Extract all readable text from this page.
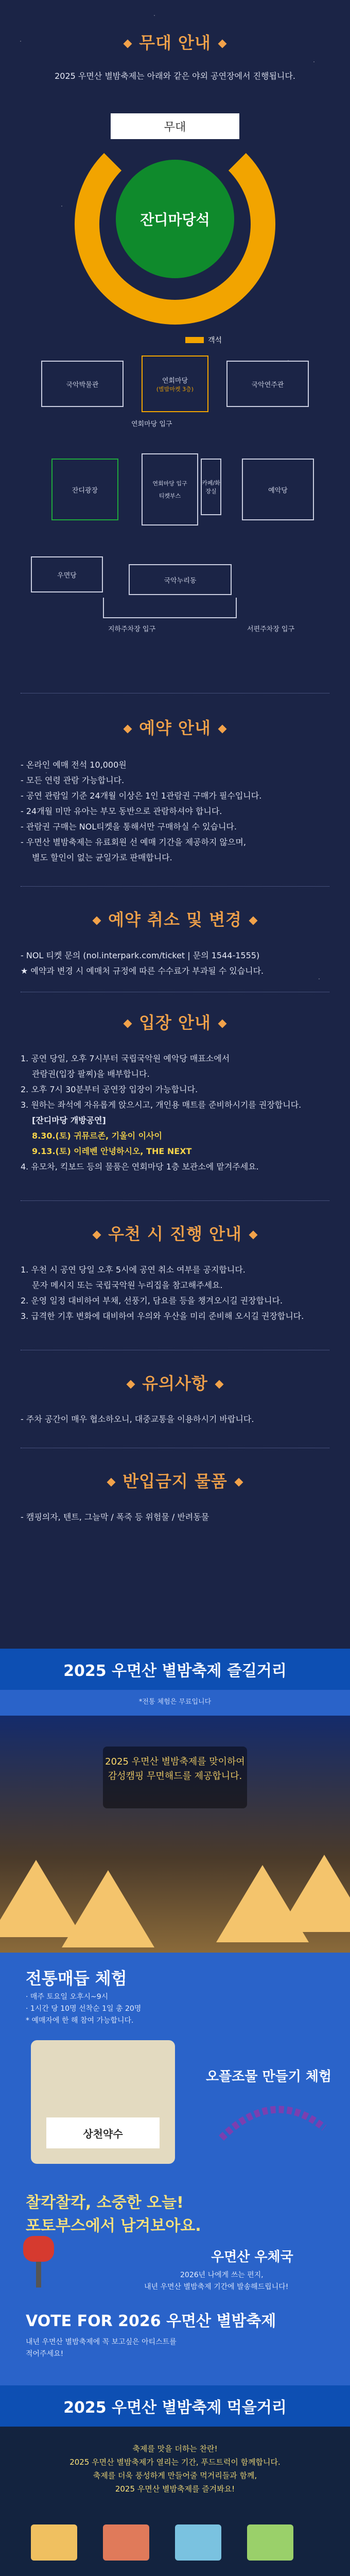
무대 안내
2025 우면산 별밤축제는 아래와 같은 야외 공연장에서 진행됩니다.
무대
잔디마당석
객석
국악박물관
연회마당
(별밤마켓 3층)
국악연주관
연회마당 입구
잔디광장
연회마당 입구
티켓부스
카페/화장실	예악당
우면당
국악누리동
지하주차장 입구	서편주차장 입구
예약 안내
- 온라인 예매 전석 10,000원
- 모든 연령 관람 가능합니다.
- 공연 관람일 기준 24개월 이상은 1인 1관람권 구매가 필수입니다.
- 24개월 미만 유아는 부모 동반으로 관람하셔야 합니다.
- 관람권 구매는 NOL티켓을 통해서만 구매하실 수 있습니다.
- 우면산 별밤축제는 유료회원 선 예매 기간을 제공하지 않으며,
별도 할인이 없는 균일가로 판매합니다.
예약 취소 및 변경
- NOL 티켓 문의 (nol.interpark.com/ticket | 문의 1544-1555)
★ 예약과 변경 시 예매처 규정에 따른 수수료가 부과될 수 있습니다.
입장 안내
1. 공연 당일, 오후 7시부터 국립국악원 예악당 매표소에서
관람권(입장 팔찌)을 배부합니다.
2. 오후 7시 30분부터 공연장 입장이 가능합니다.
3. 원하는 좌석에 자유롭게 앉으시고, 개인용 매트를 준비하시기를 권장합니다.
[잔디마당 개방공연]
8.30.(토) 귀뮤르존, 기울이 이사이
9.13.(토) 이레벤 안녕하시오, THE NEXT
4. 유모차, 킥보드 등의 물품은 연회마당 1층 보관소에 맡겨주세요.
우천 시 진행 안내
1. 우천 시 공연 당일 오후 5시에 공연 취소 여부를 공지합니다.
문자 메시지 또는 국립국악원 누리집을 참고해주세요.
2. 운영 일정 대비하여 부채, 선풍기, 담요를 등을 챙겨오시길 권장합니다.
3. 급격한 기후 변화에 대비하여 우의와 우산을 미리 준비해 오시길 권장합니다.
유의사항
- 주차 공간이 매우 협소하오니, 대중교통을 이용하시기 바랍니다.
반입금지 물품
- 캠핑의자, 텐트, 그늘막 / 폭죽 등 위험물 / 반려동물
2025 우면산 별밤축제 즐길거리
*전통 체험은 무료입니다
2025 우면산 별밤축제를 맞이하여
감성캠핑 무면해드를 제공합니다.
전통매듭 체험
· 매주 토요일 오후시~9시
· 1시간 당 10명 선착순 1일 총 20명
* 예매자에 한 해 참여 가능합니다.
상천약수
오플조물 만들기 체험
찰칵찰칵, 소중한 오늘!
포토부스에서 남겨보아요.
우면산 우체국
2026년 나에게 쓰는 편지,
내년 우면산 별밤축제 기간에 발송해드립니다!
VOTE FOR 2026 우면산 별밤축제
내년 우면산 별밤축제에 꼭 보고싶은 아티스트를
적어주세요!
2025 우면산 별밤축제 먹을거리
축제를 맛을 더하는 찬란!
2025 우면산 별밤축제가 열리는 기간, 푸드트럭이 함께합니다.
축제를 더욱 풍성하게 만들어줄 먹거리들과 함께,
2025 우면산 별밤축제를 즐겨봐요!
